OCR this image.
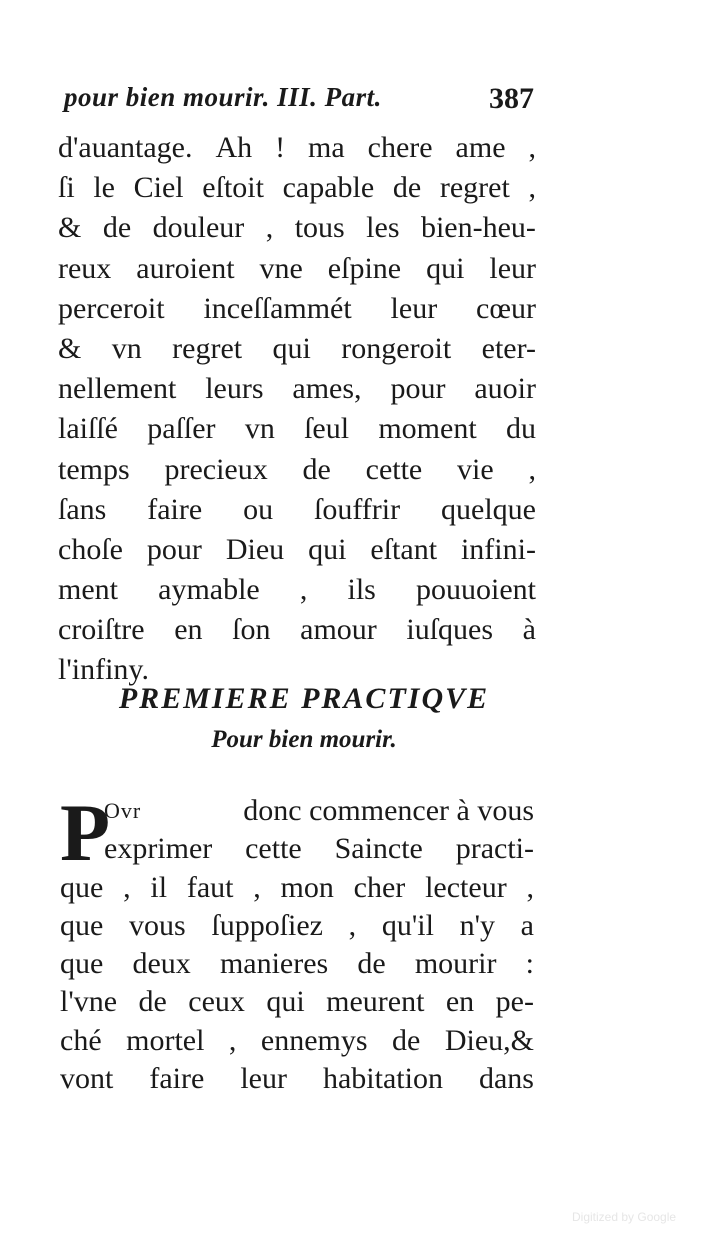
pour bien mourir. III. Part.	387
d'auantage. Ah ! ma chere ame ,
ſi le Ciel eſtoit capable de regret ,
& de douleur , tous les bien-heu-
reux auroient vne eſpine qui leur
perceroit inceſſammét leur cœur
& vn regret qui rongeroit eter-
nellement leurs ames, pour auoir
laiſſé paſſer vn ſeul moment du
temps precieux de cette vie ,
ſans faire ou ſouffrir quelque
choſe pour Dieu qui eſtant infini-
ment aymable , ils pouuoient
croiſtre en ſon amour iuſques à
l'infiny.
PREMIERE PRACTIQVE
Pour bien mourir.
P
Ovr	donc commencer à vous
exprimer cette Saincte practi-
que , il faut , mon cher lecteur ,
que vous ſuppoſiez , qu'il n'y a
que deux manieres de mourir :
l'vne de ceux qui meurent en pe-
ché mortel , ennemys de Dieu,&
vont faire leur habitation dans
Digitized by Google
